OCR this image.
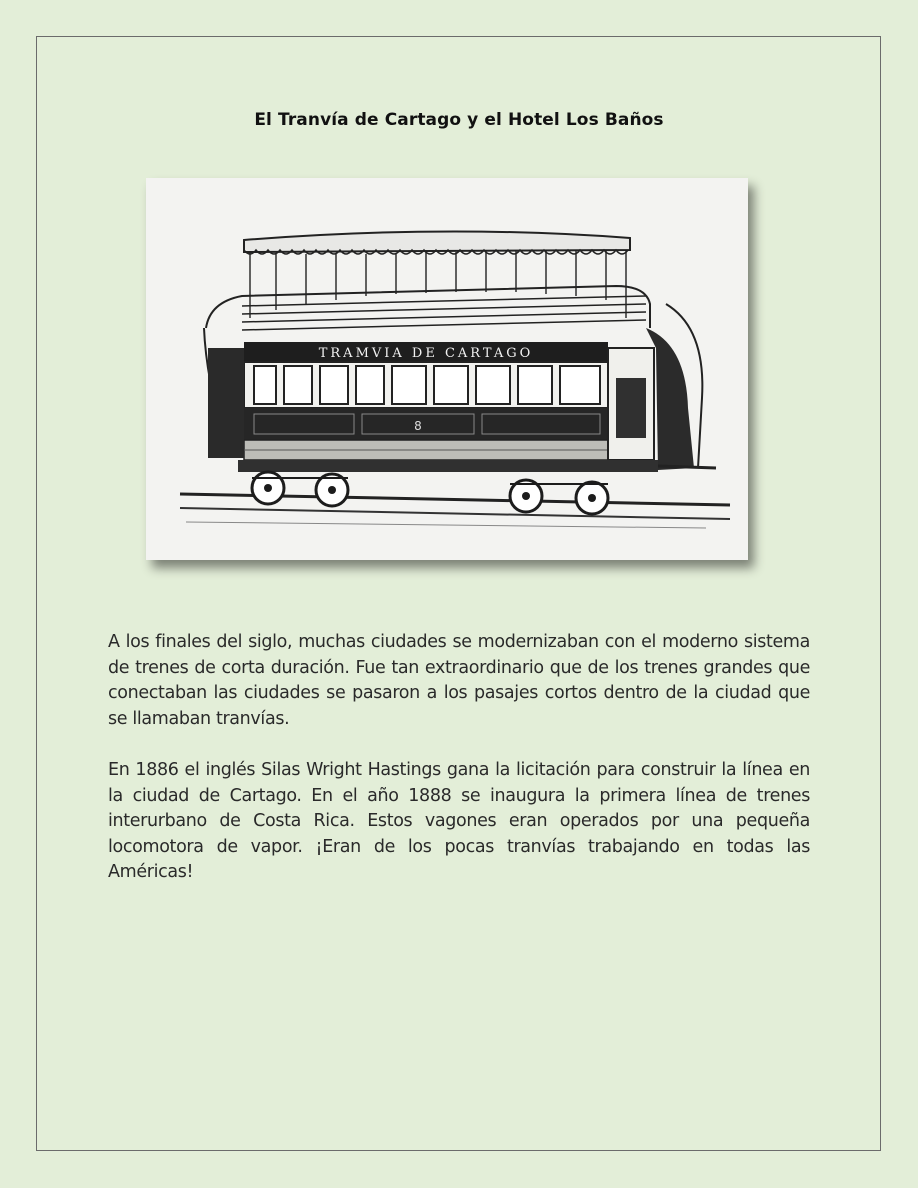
El Tranvía de Cartago y el Hotel Los Baños
TRAMVIA DE CARTAGO
8

A los finales del siglo, muchas ciudades se modernizaban con el moderno sistema de trenes de corta duración. Fue tan extraordinario que de los trenes grandes que conectaban las ciudades se pasaron a los pasajes cortos dentro de la ciudad que se llamaban tranvías.

En 1886 el inglés Silas Wright Hastings gana la licitación para construir la línea en la ciudad de Cartago. En el año 1888 se inaugura la primera línea de trenes interurbano de Costa Rica. Estos vagones eran operados por una pequeña locomotora de vapor. ¡Eran de los pocas tranvías trabajando en todas las Américas!
